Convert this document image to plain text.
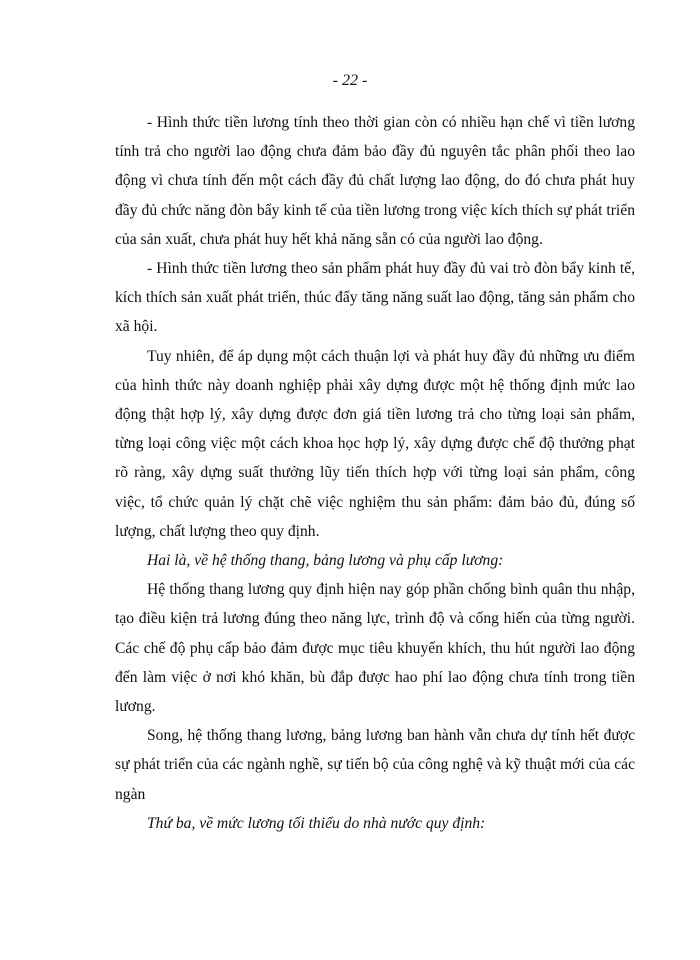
- 22 -

- Hình thức tiền lương tính theo thời gian còn có nhiều hạn chế vì tiền lương tính trả cho người lao động chưa đảm bảo đầy đủ nguyên tắc phân phối theo lao động vì chưa tính đến một cách đầy đủ chất lượng lao động, do đó chưa phát huy đầy đủ chức năng đòn bẩy kinh tế của tiền lương trong việc kích thích sự phát triển của sản xuất, chưa phát huy hết khả năng sẵn có của người lao động.

- Hình thức tiền lương theo sản phẩm phát huy đầy đủ vai trò đòn bẩy kinh tế, kích thích sản xuất phát triển, thúc đẩy tăng năng suất lao động, tăng sản phẩm cho xã hội.

Tuy nhiên, để áp dụng một cách thuận lợi và phát huy đầy đủ những ưu điểm của hình thức này doanh nghiệp phải xây dựng được một hệ thống định mức lao động thật hợp lý, xây dựng được đơn giá tiền lương trả cho từng loại sản phẩm, từng loại công việc một cách khoa học hợp lý, xây dựng được chế độ thưởng phạt rõ ràng, xây dựng suất thưởng lũy tiến thích hợp với từng loại sản phẩm, công việc, tổ chức quản lý chặt chẽ việc nghiệm thu sản phẩm: đảm bảo đủ, đúng số lượng, chất lượng theo quy định.

Hai là, về hệ thống thang, bảng lương và phụ cấp lương:

Hệ thống thang lương quy định hiện nay góp phần chống bình quân thu nhập, tạo điều kiện trả lương đúng theo năng lực, trình độ và cống hiến của từng người. Các chế độ phụ cấp bảo đảm được mục tiêu khuyến khích, thu hút người lao động đến làm việc ở nơi khó khăn, bù đắp được hao phí lao động chưa tính trong tiền lương.

Song, hệ thống thang lương, bảng lương ban hành vẫn chưa dự tính hết được sự phát triển của các ngành nghề, sự tiến bộ của công nghệ và kỹ thuật mới của các ngàn

Thứ ba, về mức lương tối thiểu do nhà nước quy định:
